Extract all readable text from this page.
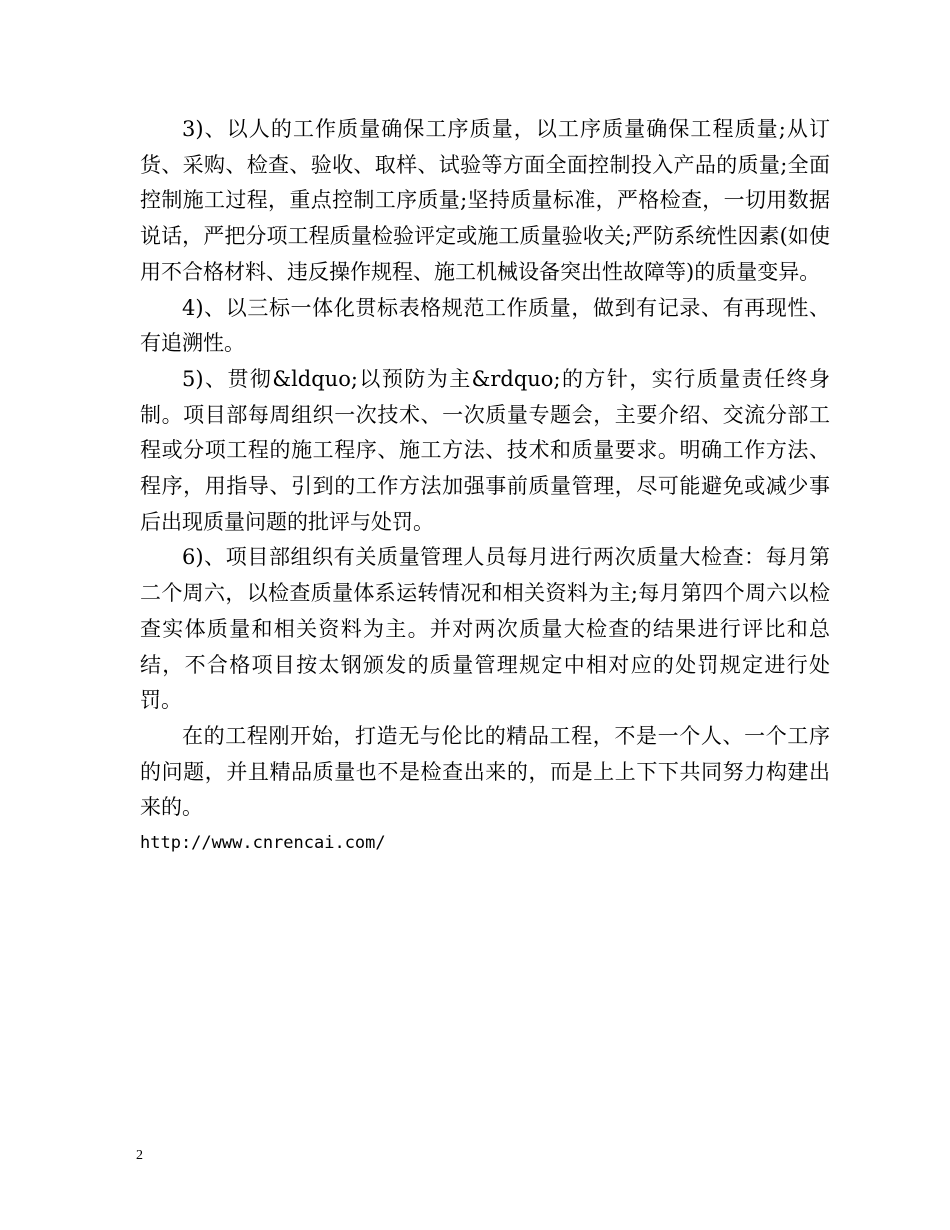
3)、以人的工作质量确保工序质量，以工序质量确保工程质量;从订货、采购、检查、验收、取样、试验等方面全面控制投入产品的质量;全面控制施工过程，重点控制工序质量;坚持质量标准，严格检查，一切用数据说话，严把分项工程质量检验评定或施工质量验收关;严防系统性因素(如使用不合格材料、违反操作规程、施工机械设备突出性故障等)的质量变异。

4)、以三标一体化贯标表格规范工作质量，做到有记录、有再现性、有追溯性。

5)、贯彻&ldquo;以预防为主&rdquo;的方针，实行质量责任终身制。项目部每周组织一次技术、一次质量专题会，主要介绍、交流分部工程或分项工程的施工程序、施工方法、技术和质量要求。明确工作方法、程序，用指导、引到的工作方法加强事前质量管理，尽可能避免或减少事后出现质量问题的批评与处罚。

6)、项目部组织有关质量管理人员每月进行两次质量大检查：每月第二个周六，以检查质量体系运转情况和相关资料为主;每月第四个周六以检查实体质量和相关资料为主。并对两次质量大检查的结果进行评比和总结，不合格项目按太钢颁发的质量管理规定中相对应的处罚规定进行处罚。

在的工程刚开始，打造无与伦比的精品工程，不是一个人、一个工序的问题，并且精品质量也不是检查出来的，而是上上下下共同努力构建出来的。

http://www.cnrencai.com/

2
